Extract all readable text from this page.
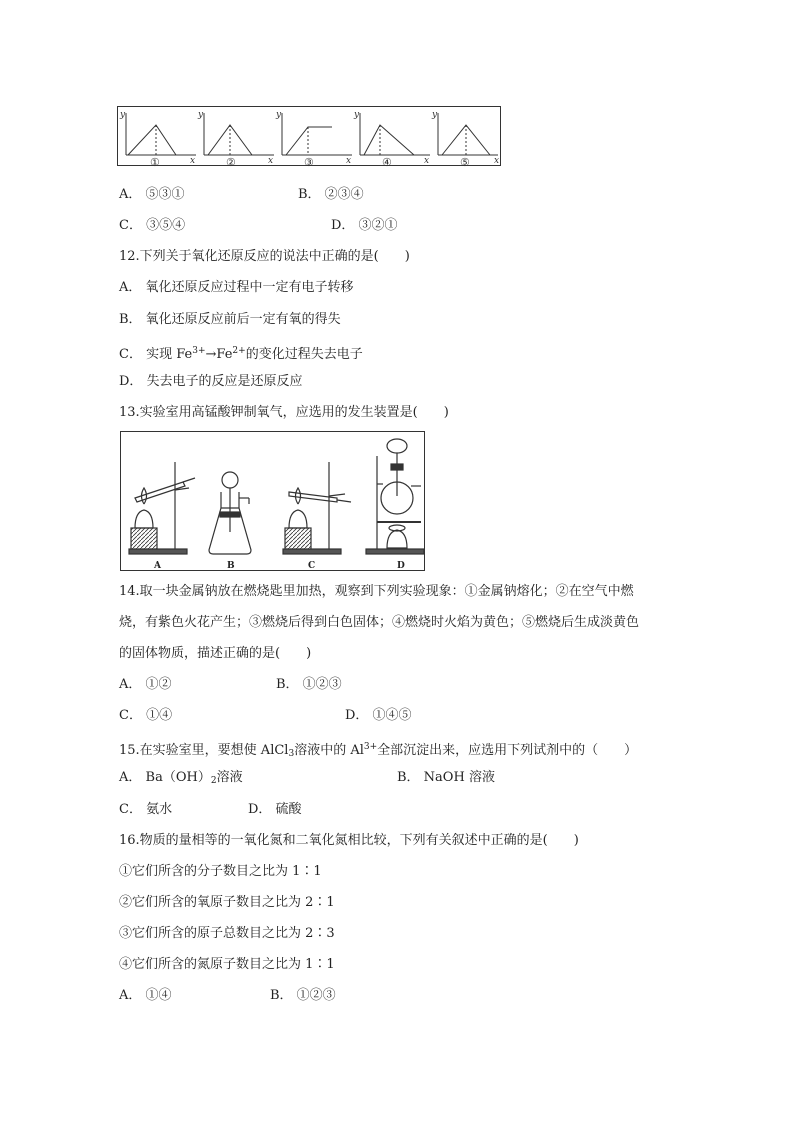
y
x
y
x
y
x
y
x
y
x
①	②	③	④	⑤
A． ⑤③①	B． ②③④
C． ③⑤④	D． ③②①
12.下列关于氧化还原反应的说法中正确的是(　　)
A． 氧化还原反应过程中一定有电子转移
B． 氧化还原反应前后一定有氧的得失
C． 实现 $Fe^{3+}\to Fe^{2+}$的变化过程失去电子
D． 失去电子的反应是还原反应
13.实验室用高锰酸钾制氧气，应选用的发生装置是(　　)
A	B	C	D
14.取一块金属钠放在燃烧匙里加热，观察到下列实验现象：①金属钠熔化；②在空气中燃
烧，有紫色火花产生；③燃烧后得到白色固体；④燃烧时火焰为黄色；⑤燃烧后生成淡黄色
的固体物质，描述正确的是(　　)
A． ①②	B． ①②③
C． ①④	D． ①④⑤
15.在实验室里，要想使 AlCl$_3$溶液中的 $Al^{3+}$全部沉淀出来，应选用下列试剂中的（　　）
A． $Ba(OH)_2$溶液	B． NaOH 溶液
C． 氨水	D． 硫酸
16.物质的量相等的一氧化氮和二氧化氮相比较，下列有关叙述中正确的是(　　)
①它们所含的分子数目之比为 1∶1
②它们所含的氧原子数目之比为 2∶1
③它们所含的原子总数目之比为 2∶3
④它们所含的氮原子数目之比为 1∶1
A． ①④	B． ①②③
